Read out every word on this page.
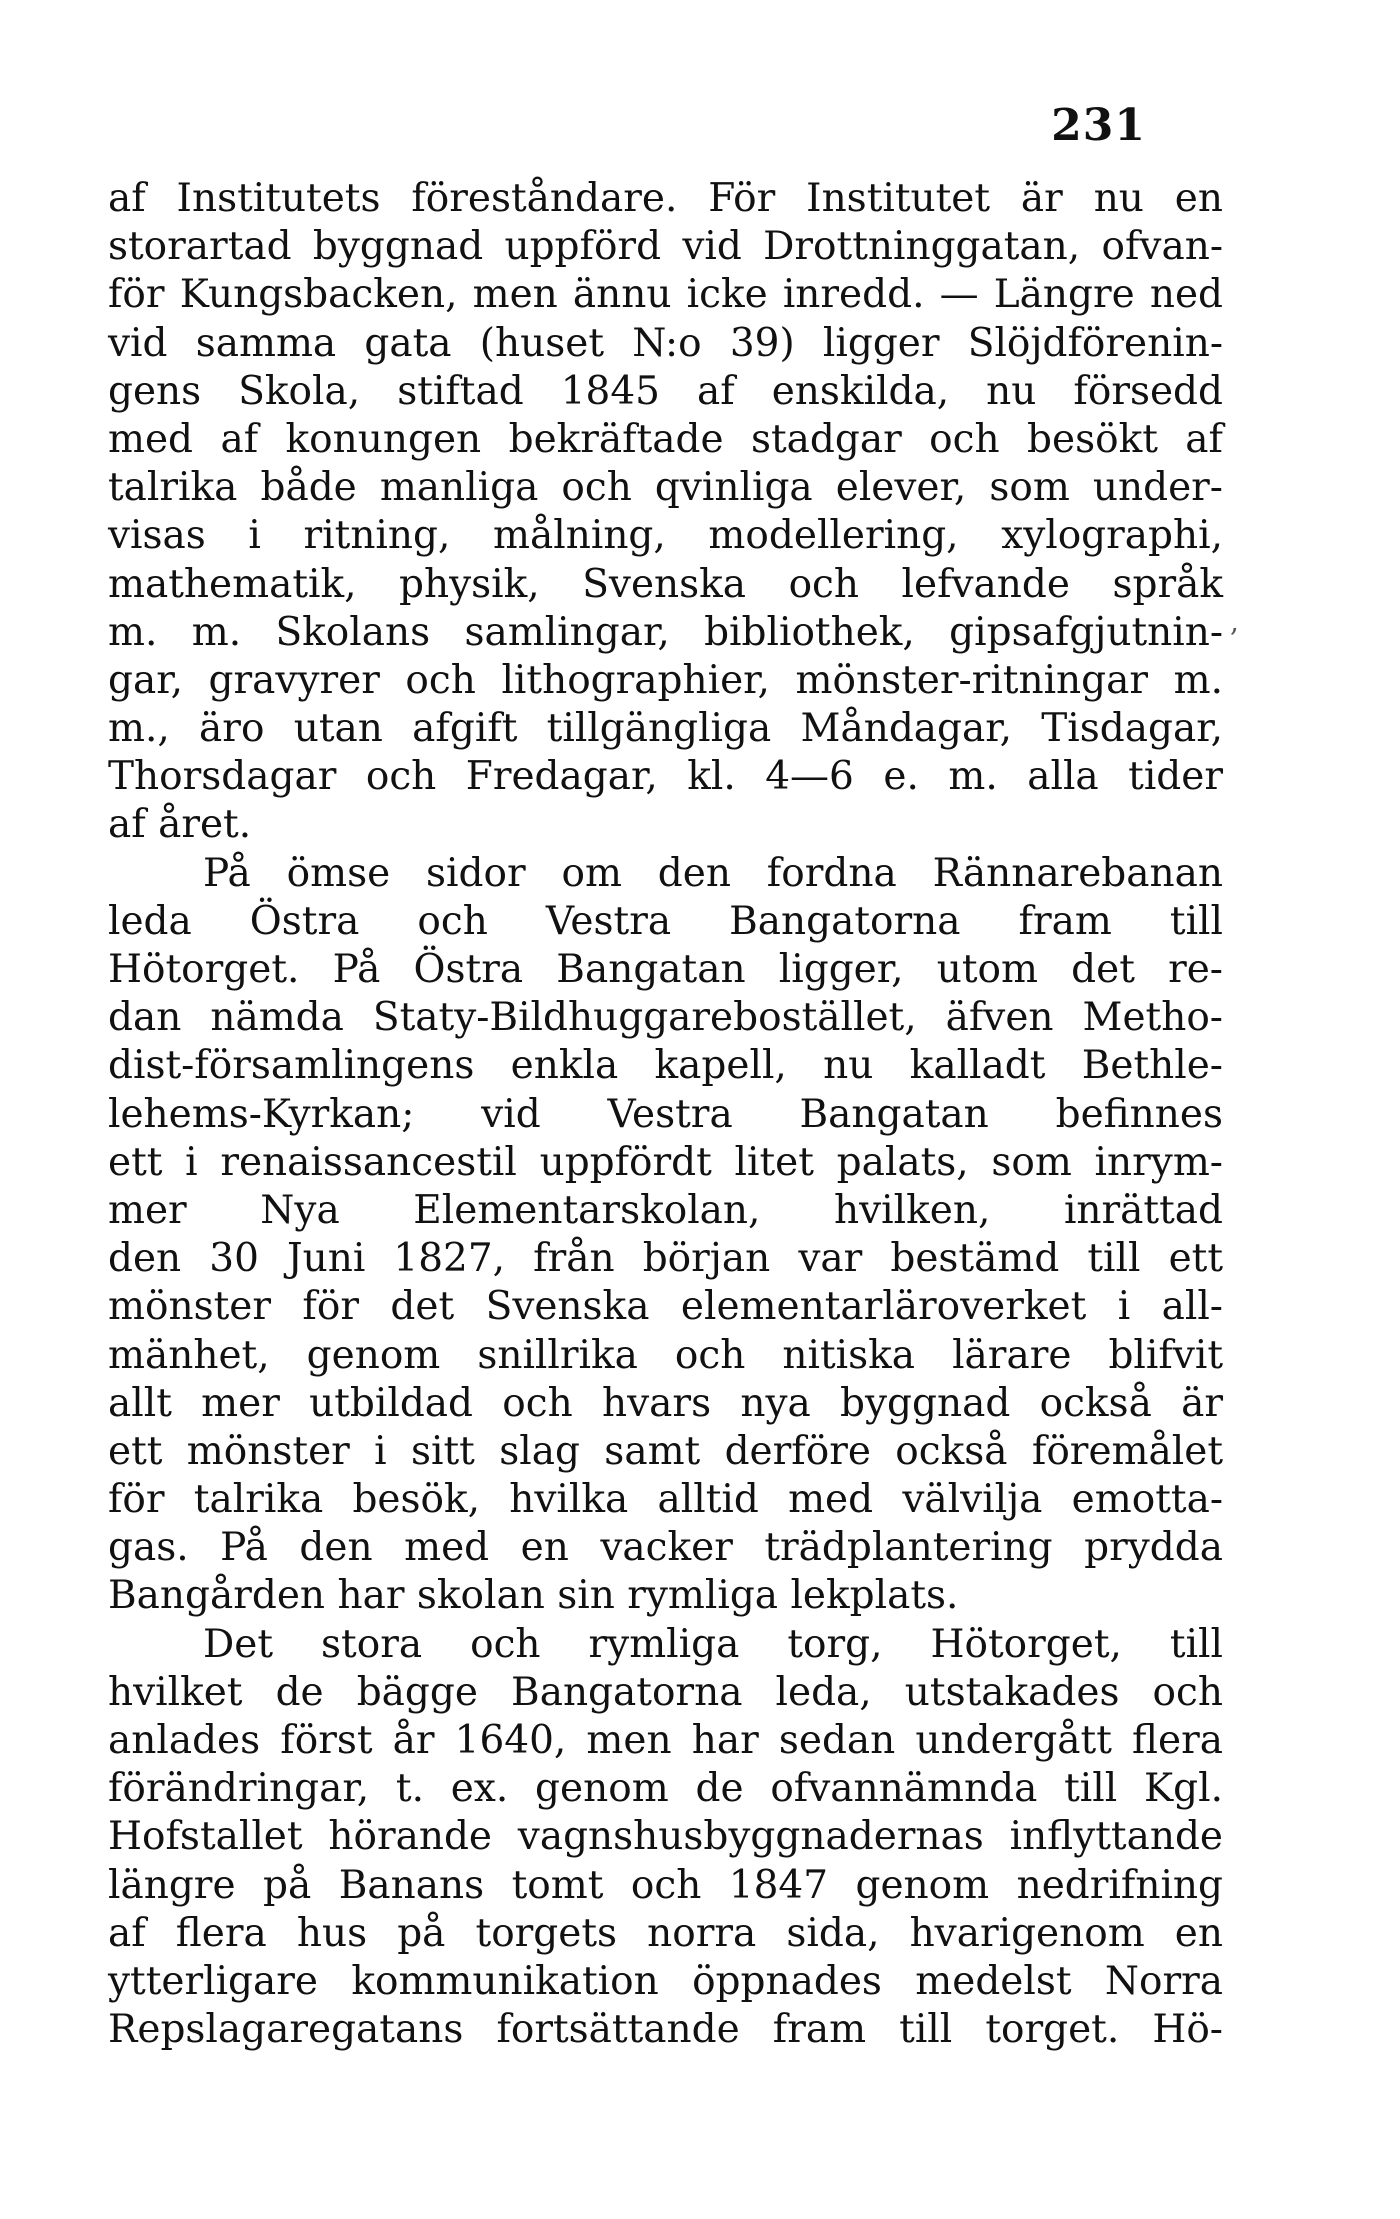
231
,
af Institutets föreståndare. För Institutet är nu en
storartad byggnad uppförd vid Drottninggatan, ofvan-
för Kungsbacken, men ännu icke inredd. — Längre ned
vid samma gata (huset N:o 39) ligger Slöjdförenin-
gens Skola, stiftad 1845 af enskilda, nu försedd
med af konungen bekräftade stadgar och besökt af
talrika både manliga och qvinliga elever, som under-
visas i ritning, målning, modellering, xylographi,
mathematik, physik, Svenska och lefvande språk
m. m. Skolans samlingar, bibliothek, gipsafgjutnin-
gar, gravyrer och lithographier, mönster-ritningar m.
m., äro utan afgift tillgängliga Måndagar, Tisdagar,
Thorsdagar och Fredagar, kl. 4—6 e. m. alla tider
af året.
På ömse sidor om den fordna Rännarebanan
leda Östra och Vestra Bangatorna fram till
Hötorget. På Östra Bangatan ligger, utom det re-
dan nämda Staty-Bildhuggarebostället, äfven Metho-
dist-församlingens enkla kapell, nu kalladt Bethle-
lehems-Kyrkan; vid Vestra Bangatan befinnes
ett i renaissancestil uppfördt litet palats, som inrym-
mer Nya Elementarskolan, hvilken, inrättad
den 30 Juni 1827, från början var bestämd till ett
mönster för det Svenska elementarläroverket i all-
mänhet, genom snillrika och nitiska lärare blifvit
allt mer utbildad och hvars nya byggnad också är
ett mönster i sitt slag samt derföre också föremålet
för talrika besök, hvilka alltid med välvilja emotta-
gas. På den med en vacker trädplantering prydda
Bangården har skolan sin rymliga lekplats.
Det stora och rymliga torg, Hötorget, till
hvilket de bägge Bangatorna leda, utstakades och
anlades först år 1640, men har sedan undergått flera
förändringar, t. ex. genom de ofvannämnda till Kgl.
Hofstallet hörande vagnshusbyggnadernas inflyttande
längre på Banans tomt och 1847 genom nedrifning
af flera hus på torgets norra sida, hvarigenom en
ytterligare kommunikation öppnades medelst Norra
Repslagaregatans fortsättande fram till torget. Hö-
